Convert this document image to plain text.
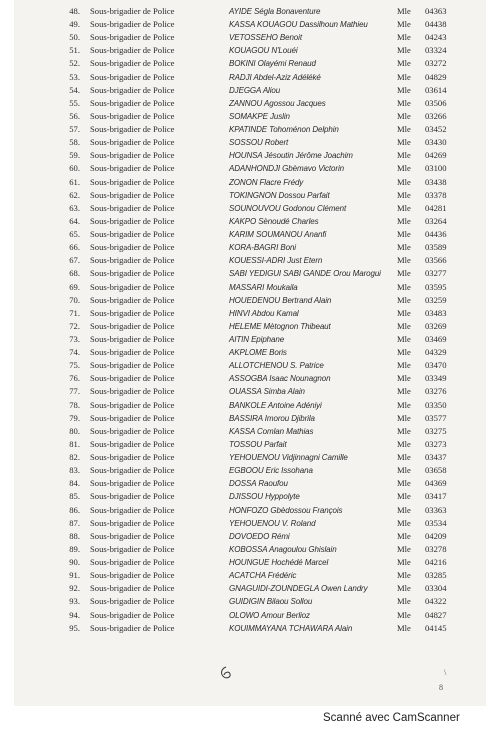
48. Sous-brigadier de Police	AYIDE Ségla Bonaventure	Mle 04363
49. Sous-brigadier de Police	KASSA KOUAGOU Dassilhoun Mathieu	Mle 04438
50. Sous-brigadier de Police	VETOSSEHO Benoit	Mle 04243
51. Sous-brigadier de Police	KOUAGOU N'Louéi	Mle 03324
52. Sous-brigadier de Police	BOKINI Olayémi Renaud	Mle 03272
53. Sous-brigadier de Police	RADJI Abdel-Aziz Adéléké	Mle 04829
54. Sous-brigadier de Police	DJEGGA Aliou	Mle 03614
55. Sous-brigadier de Police	ZANNOU Agossou Jacques	Mle 03506
56. Sous-brigadier de Police	SOMAKPE Juslin	Mle 03266
57. Sous-brigadier de Police	KPATINDE Tohoménon Delphin	Mle 03452
58. Sous-brigadier de Police	SOSSOU Robert	Mle 03430
59. Sous-brigadier de Police	HOUNSA Jésoutin Jérôme Joachim	Mle 04269
60. Sous-brigadier de Police	ADANHONDJI Gbèmavo Victorin	Mle 03100
61. Sous-brigadier de Police	ZONON Flacre Frédy	Mle 03438
62. Sous-brigadier de Police	TOKINGNON Dossou Parfait	Mle 03378
63. Sous-brigadier de Police	SOUNOUVOU Godonou Clément	Mle 04281
64. Sous-brigadier de Police	KAKPO Sènoudé Charles	Mle 03264
65. Sous-brigadier de Police	KARIM SOUMANOU Ananfi	Mle 04436
66. Sous-brigadier de Police	KORA-BAGRI Boni	Mle 03589
67. Sous-brigadier de Police	KOUESSI-ADRI Just Etern	Mle 03566
68. Sous-brigadier de Police	SABI YEDIGUI SABI GANDE Orou Marogui Mle 03277
69. Sous-brigadier de Police	MASSARI Moukaila	Mle 03595
70. Sous-brigadier de Police	HOUEDENOU Bertrand Alain	Mle 03259
71. Sous-brigadier de Police	HINVI Abdou Kamal	Mle 03483
72. Sous-brigadier de Police	HELEME Mètognon Thibeaut	Mle 03269
73. Sous-brigadier de Police	AITIN Epiphane	Mle 03469
74. Sous-brigadier de Police	AKPLOME Boris	Mle 04329
75. Sous-brigadier de Police	ALLOTCHENOU S. Patrice	Mle 03470
76. Sous-brigadier de Police	ASSOGBA Isaac Nounagnon	Mle 03349
77. Sous-brigadier de Police	OUASSA Simba Alain	Mle 03276
78. Sous-brigadier de Police	BANKOLE Antoine Adéniyi	Mle 03350
79. Sous-brigadier de Police	BASSIRA Imorou Djibrila	Mle 03577
80. Sous-brigadier de Police	KASSA Comlan Mathias	Mle 03275
81. Sous-brigadier de Police	TOSSOU Parfait	Mle 03273
82. Sous-brigadier de Police	YEHOUENOU Vidjinnagni Camille	Mle 03437
83. Sous-brigadier de Police	EGBOOU Eric Issohana	Mle 03658
84. Sous-brigadier de Police	DOSSA Raoufou	Mle 04369
85. Sous-brigadier de Police	DJISSOU Hyppolyte	Mle 03417
86. Sous-brigadier de Police	HONFOZO Gbèdossou François	Mle 03363
87. Sous-brigadier de Police	YEHOUENOU V. Roland	Mle 03534
88. Sous-brigadier de Police	DOVOEDO Rémi	Mle 04209
89. Sous-brigadier de Police	KOBOSSA Anagoulou Ghislain	Mle 03278
90. Sous-brigadier de Police	HOUNGUE Hochédé Marcel	Mle 04216
91. Sous-brigadier de Police	ACATCHA Frédéric	Mle 03285
92. Sous-brigadier de Police	GNAGUIDI-ZOUNDEGLA Owen Landry	Mle 03304
93. Sous-brigadier de Police	GUIDIGIN Bilaou Sollou	Mle 04322
94. Sous-brigadier de Police	OLOWO Amour Berlioz	Mle 04827
95. Sous-brigadier de Police	KOUIMMAYANA TCHAWARA Alain	Mle 04145
\
8
Scanné avec CamScanner
